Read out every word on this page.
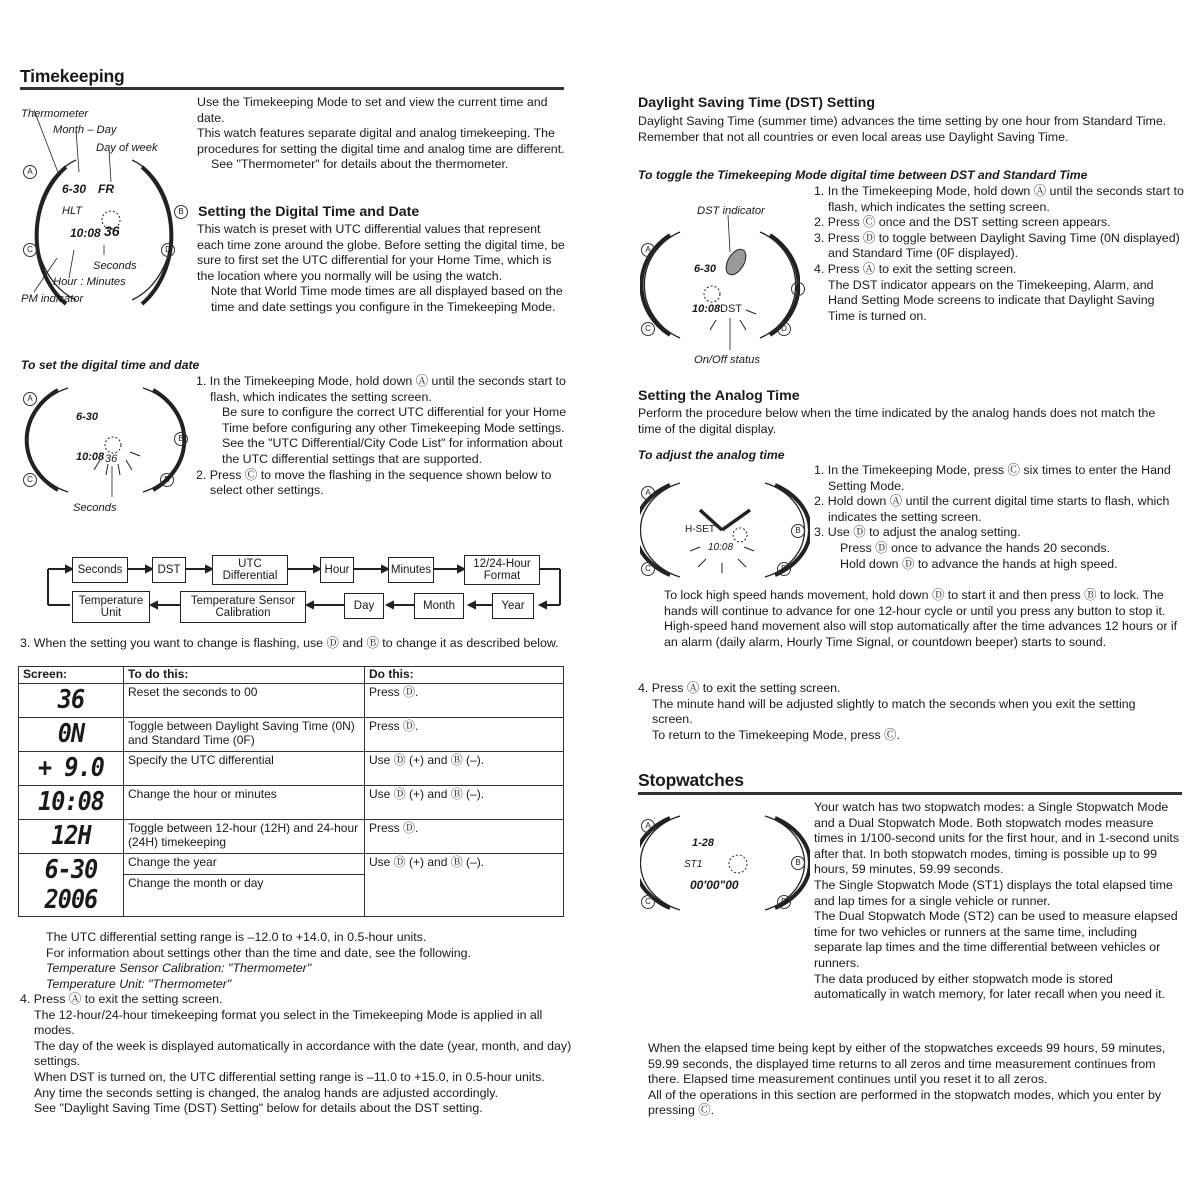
Timekeeping
Thermometer
Month – Day
Day of week
Seconds
Hour : Minutes
PM indicator
6-30 FR
HLT
10:08 36
A
B
C	D

Use the Timekeeping Mode to set and view the current time and date.

This watch features separate digital and analog timekeeping. The procedures for setting the digital time and analog time are different.

See "Thermometer" for details about the thermometer.

Setting the Digital Time and Date

This watch is preset with UTC differential values that represent each time zone around the globe. Before setting the digital time, be sure to first set the UTC differential for your Home Time, which is the location where you normally will be using the watch.

Note that World Time mode times are all displayed based on the time and date settings you configure in the Timekeeping Mode.

To set the digital time and date
6-30
10:08 36
Seconds
A
B
C	D

1. In the Timekeeping Mode, hold down Ⓐ until the seconds start to flash, which indicates the setting screen.

Be sure to configure the correct UTC differential for your Home Time before configuring any other Timekeeping Mode settings.

See the "UTC Differential/City Code List" for information about the UTC differential settings that are supported.

2. Press Ⓒ to move the flashing in the sequence shown below to select other settings.

Seconds	DST
UTC Differential
Hour	Minutes
12/24-Hour Format
Temperature Unit
Temperature Sensor Calibration
Day	Month	Year

3. When the setting you want to change is flashing, use Ⓓ and Ⓑ to change it as described below.

Screen:	To do this:	Do this:

36	Reset the seconds to 00	Press Ⓓ.

0N	Toggle between Daylight Saving Time (0N) and Standard Time (0F)	Press Ⓓ.

+ 9.0	Specify the UTC differential	Use Ⓓ (+) and Ⓑ (–).

10:08	Change the hour or minutes	Use Ⓓ (+) and Ⓑ (–).

12H	Toggle between 12-hour (12H) and 24-hour (24H) timekeeping	Press Ⓓ.

6-30
2006	Change the year	Use Ⓓ (+) and Ⓑ (–).
	Change the month or day	

The UTC differential setting range is –12.0 to +14.0, in 0.5-hour units.

For information about settings other than the time and date, see the following.

Temperature Sensor Calibration: "Thermometer"

Temperature Unit: "Thermometer"

4. Press Ⓐ to exit the setting screen.

The 12-hour/24-hour timekeeping format you select in the Timekeeping Mode is applied in all modes.

The day of the week is displayed automatically in accordance with the date (year, month, and day) settings.

When DST is turned on, the UTC differential setting range is –11.0 to +15.0, in 0.5-hour units.

Any time the seconds setting is changed, the analog hands are adjusted accordingly.

See "Daylight Saving Time (DST) Setting" below for details about the DST setting.

Daylight Saving Time (DST) Setting
Daylight Saving Time (summer time) advances the time setting by one hour from Standard Time. Remember that not all countries or even local areas use Daylight Saving Time.
To toggle the Timekeeping Mode digital time between DST and Standard Time
DST indicator
6-30
10:08 DST
On/Off status
A
B
C	D

1. In the Timekeeping Mode, hold down Ⓐ until the seconds start to flash, which indicates the setting screen.

2. Press Ⓒ once and the DST setting screen appears.

3. Press Ⓓ to toggle between Daylight Saving Time (0N displayed) and Standard Time (0F displayed).

4. Press Ⓐ to exit the setting screen.

The DST indicator appears on the Timekeeping, Alarm, and Hand Setting Mode screens to indicate that Daylight Saving Time is turned on.

Setting the Analog Time
Perform the procedure below when the time indicated by the analog hands does not match the time of the digital display.
To adjust the analog time
H-SET
10:08
A
B
C	D

1. In the Timekeeping Mode, press Ⓒ six times to enter the Hand Setting Mode.

2. Hold down Ⓐ until the current digital time starts to flash, which indicates the setting screen.

3. Use Ⓓ to adjust the analog setting.

Press Ⓓ once to advance the hands 20 seconds.

Hold down Ⓓ to advance the hands at high speed.

To lock high speed hands movement, hold down Ⓓ to start it and then press Ⓑ to lock. The hands will continue to advance for one 12-hour cycle or until you press any button to stop it.

High-speed hand movement also will stop automatically after the time advances 12 hours or if an alarm (daily alarm, Hourly Time Signal, or countdown beeper) starts to sound.

4. Press Ⓐ to exit the setting screen.

The minute hand will be adjusted slightly to match the seconds when you exit the setting screen.

To return to the Timekeeping Mode, press Ⓒ.

Stopwatches
1-28
ST1
00'00"00
A
B
C	D

Your watch has two stopwatch modes: a Single Stopwatch Mode and a Dual Stopwatch Mode. Both stopwatch modes measure times in 1/100-second units for the first hour, and in 1-second units after that. In both stopwatch modes, timing is possible up to 99 hours, 59 minutes, 59.99 seconds.

The Single Stopwatch Mode (ST1) displays the total elapsed time and lap times for a single vehicle or runner.

The Dual Stopwatch Mode (ST2) can be used to measure elapsed time for two vehicles or runners at the same time, including separate lap times and the time differential between vehicles or runners.

The data produced by either stopwatch mode is stored automatically in watch memory, for later recall when you need it.

When the elapsed time being kept by either of the stopwatches exceeds 99 hours, 59 minutes, 59.99 seconds, the displayed time returns to all zeros and time measurement continues from there. Elapsed time measurement continues until you reset it to all zeros.

All of the operations in this section are performed in the stopwatch modes, which you enter by pressing Ⓒ.
